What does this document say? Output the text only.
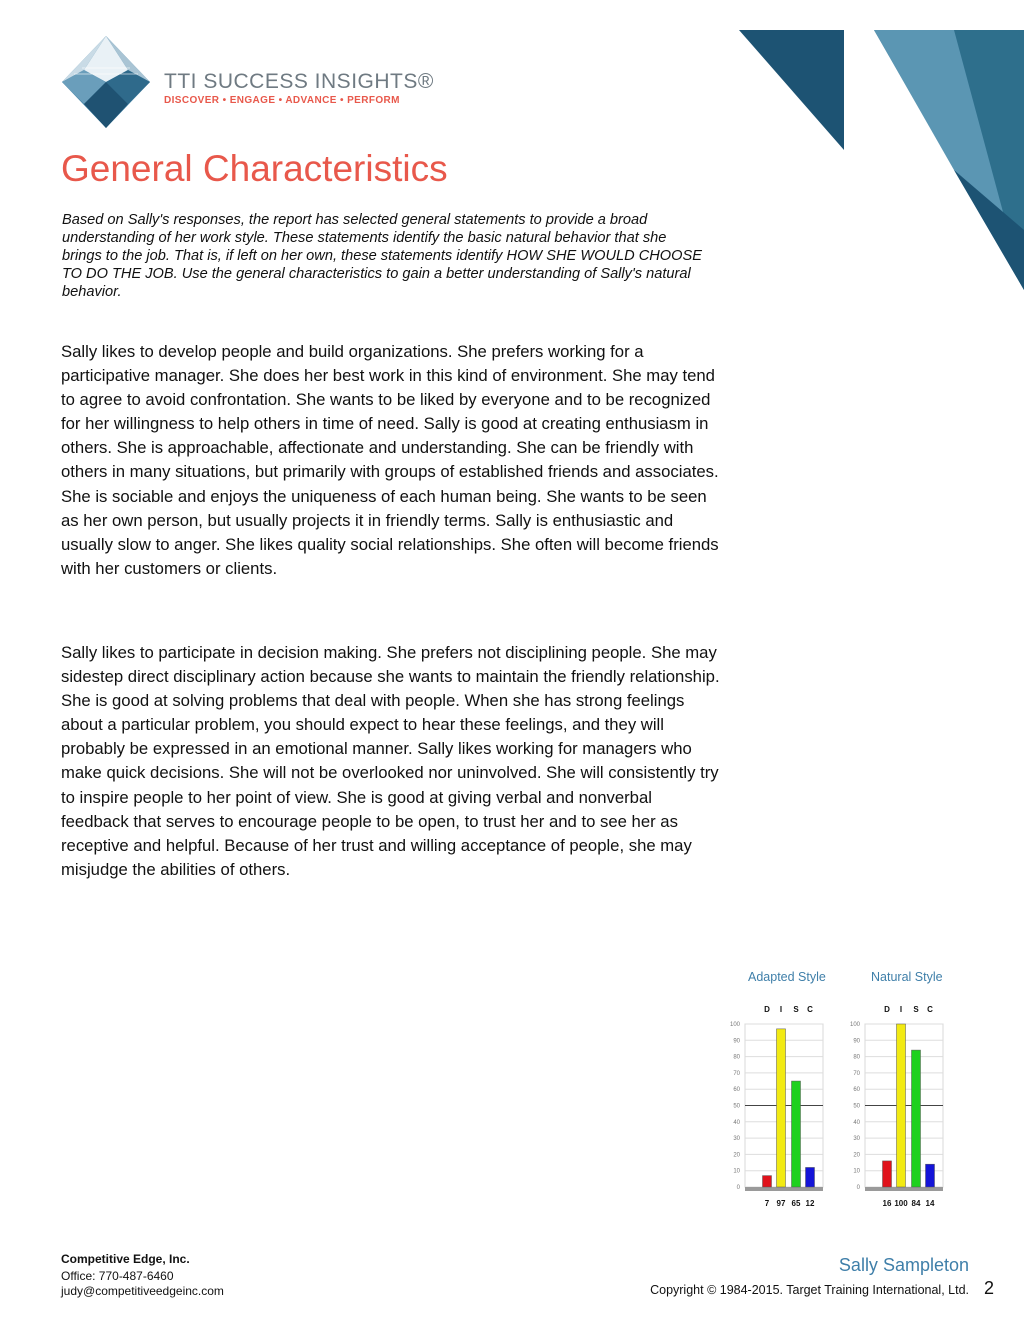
TTI SUCCESS INSIGHTS®
DISCOVER • ENGAGE • ADVANCE • PERFORM
General Characteristics

Based on Sally's responses, the report has selected general statements to provide a broad understanding of her work style. These statements identify the basic natural behavior that she brings to the job. That is, if left on her own, these statements identify HOW SHE WOULD CHOOSE TO DO THE JOB. Use the general characteristics to gain a better understanding of Sally's natural behavior.

Sally likes to develop people and build organizations. She prefers working for a participative manager. She does her best work in this kind of environment. She may tend to agree to avoid confrontation. She wants to be liked by everyone and to be recognized for her willingness to help others in time of need. Sally is good at creating enthusiasm in others. She is approachable, affectionate and understanding. She can be friendly with others in many situations, but primarily with groups of established friends and associates. She is sociable and enjoys the uniqueness of each human being. She wants to be seen as her own person, but usually projects it in friendly terms. Sally is enthusiastic and usually slow to anger. She likes quality social relationships. She often will become friends with her customers or clients.

Sally likes to participate in decision making. She prefers not disciplining people. She may sidestep direct disciplinary action because she wants to maintain the friendly relationship. She is good at solving problems that deal with people. When she has strong feelings about a particular problem, you should expect to hear these feelings, and they will probably be expressed in an emotional manner. Sally likes working for managers who make quick decisions. She will not be overlooked nor uninvolved. She will consistently try to inspire people to her point of view. She is good at giving verbal and nonverbal feedback that serves to encourage people to be open, to trust her and to see her as receptive and helpful. Because of her trust and willing acceptance of people, she may misjudge the abilities of others.

Adapted Style	Natural Style
0
10
20
30
40
50
60
70
80
90
100
D I S C
7 97 65 12
0
10
20
30
40
50
60
70
80
90
100
D I S C
16 100 84 14
Competitive Edge, Inc.
Office: 770-487-6460
judy@competitiveedgeinc.com
Sally Sampleton
Copyright © 1984-2015. Target Training International, Ltd. 2
